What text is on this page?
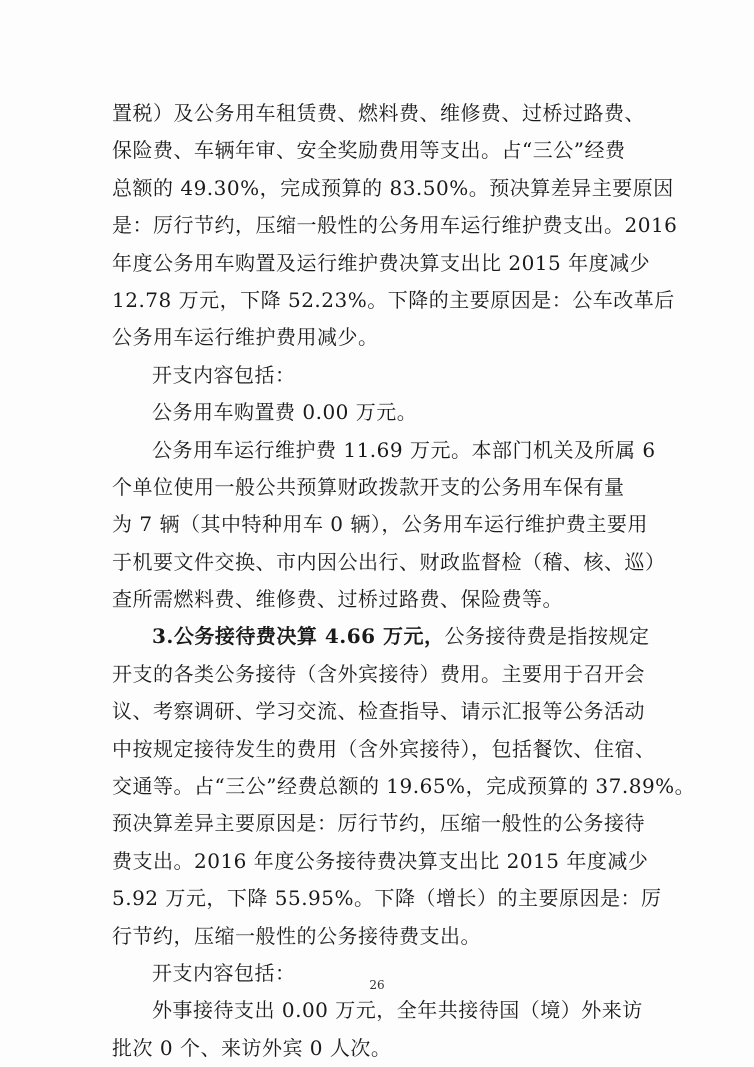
置税）及公务用车租赁费、燃料费、维修费、过桥过路费、
保险费、车辆年审、安全奖励费用等支出。占“三公”经费
总额的 49.30%，完成预算的 83.50%。预决算差异主要原因
是：厉行节约，压缩一般性的公务用车运行维护费支出。2016
年度公务用车购置及运行维护费决算支出比 2015 年度减少
12.78 万元，下降 52.23%。下降的主要原因是：公车改革后
公务用车运行维护费用减少。
开支内容包括：
公务用车购置费 0.00 万元。
公务用车运行维护费 11.69 万元。本部门机关及所属 6
个单位使用一般公共预算财政拨款开支的公务用车保有量
为 7 辆（其中特种用车 0 辆），公务用车运行维护费主要用
于机要文件交换、市内因公出行、财政监督检（稽、核、巡）
查所需燃料费、维修费、过桥过路费、保险费等。
3.公务接待费决算 4.66 万元，公务接待费是指按规定
开支的各类公务接待（含外宾接待）费用。主要用于召开会
议、考察调研、学习交流、检查指导、请示汇报等公务活动
中按规定接待发生的费用（含外宾接待），包括餐饮、住宿、
交通等。占“三公”经费总额的 19.65%，完成预算的 37.89%。
预决算差异主要原因是：厉行节约，压缩一般性的公务接待
费支出。2016 年度公务接待费决算支出比 2015 年度减少
5.92 万元，下降 55.95%。下降（增长）的主要原因是：厉
行节约，压缩一般性的公务接待费支出。
开支内容包括：
外事接待支出 0.00 万元，全年共接待国（境）外来访
批次 0 个、来访外宾 0 人次。
26
